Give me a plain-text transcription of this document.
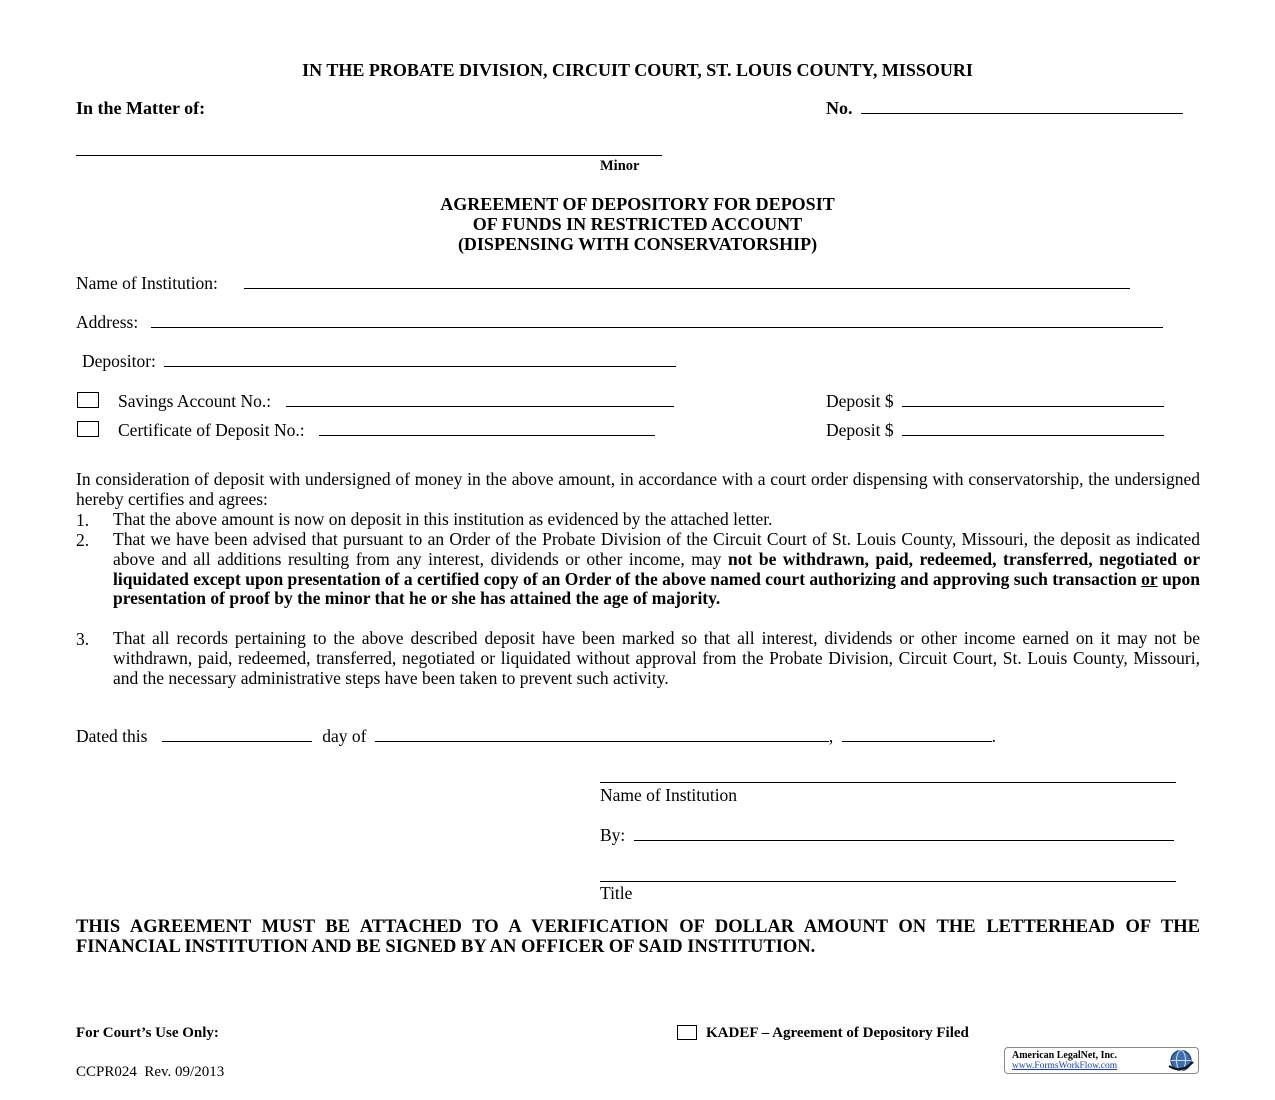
IN THE PROBATE DIVISION, CIRCUIT COURT, ST. LOUIS COUNTY, MISSOURI
In the Matter of:	No.
Minor
AGREEMENT OF DEPOSITORY FOR DEPOSIT
OF FUNDS IN RESTRICTED ACCOUNT
(DISPENSING WITH CONSERVATORSHIP)
Name of Institution:
Address:
Depositor:
Savings Account No.:	Deposit $
Certificate of Deposit No.:	Deposit $
In consideration of deposit with undersigned of money in the above amount, in accordance with a court order dispensing with conservatorship, the undersigned hereby certifies and agrees:
1. That the above amount is now on deposit in this institution as evidenced by the attached letter.
2. That we have been advised that pursuant to an Order of the Probate Division of the Circuit Court of St. Louis County, Missouri, the deposit as indicated above and all additions resulting from any interest, dividends or other income, may not be withdrawn, paid, redeemed, transferred, negotiated or liquidated except upon presentation of a certified copy of an Order of the above named court authorizing and approving such transaction or upon presentation of proof by the minor that he or she has attained the age of majority.
3. That all records pertaining to the above described deposit have been marked so that all interest, dividends or other income earned on it may not be withdrawn, paid, redeemed, transferred, negotiated or liquidated without approval from the Probate Division, Circuit Court, St. Louis County, Missouri, and the necessary administrative steps have been taken to prevent such activity.
Dated this	day of	,	.
Name of Institution
By:
Title
THIS AGREEMENT MUST BE ATTACHED TO A VERIFICATION OF DOLLAR AMOUNT ON THE LETTERHEAD OF THE FINANCIAL INSTITUTION AND BE SIGNED BY AN OFFICER OF SAID INSTITUTION.
For Court’s Use Only:	KADEF – Agreement of Depository Filed
CCPR024  Rev. 09/2013
American LegalNet, Inc.
www.FormsWorkFlow.com
